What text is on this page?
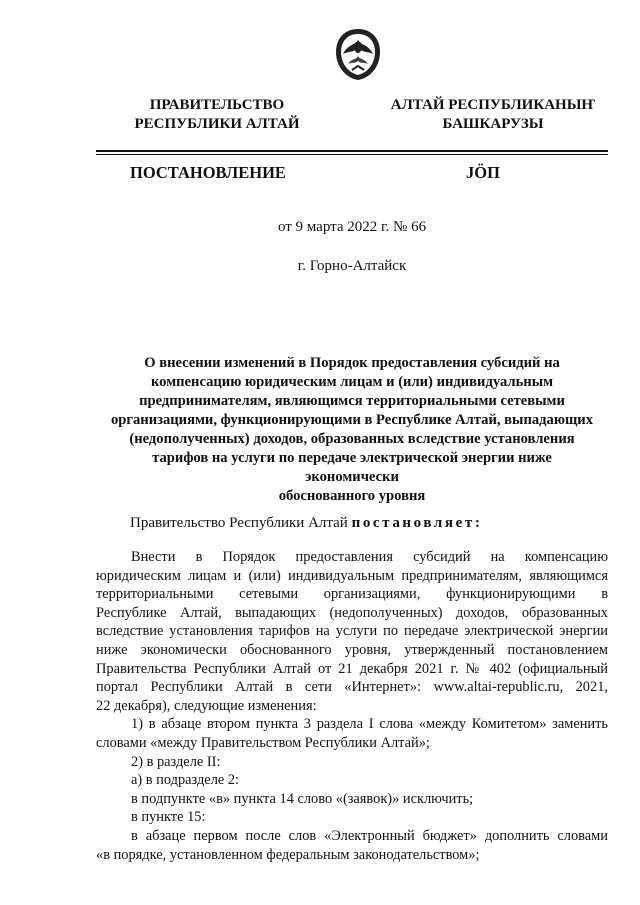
ПРАВИТЕЛЬСТВО
РЕСПУБЛИКИ АЛТАЙ
АЛТАЙ РЕСПУБЛИКАНЫҤ
БАШКАРУЗЫ
ПОСТАНОВЛЕНИЕ	JÖП
от 9 марта 2022 г. № 66
г. Горно-Алтайск
О внесении изменений в Порядок предоставления субсидий на
компенсацию юридическим лицам и (или) индивидуальным
предпринимателям, являющимся территориальными сетевыми
организациями, функционирующими в Республике Алтай, выпадающих
(недополученных) доходов, образованных вследствие установления
тарифов на услуги по передаче электрической энергии ниже экономически
обоснованного уровня
Правительство Республики Алтай постановляет:
Внести в Порядок предоставления субсидий на компенсацию
юридическим лицам и (или) индивидуальным предпринимателям, являющимся
территориальными сетевыми организациями, функционирующими в
Республике Алтай, выпадающих (недополученных) доходов, образованных
вследствие установления тарифов на услуги по передаче электрической энергии
ниже экономически обоснованного уровня, утвержденный постановлением
Правительства Республики Алтай от 21 декабря 2021 г. № 402 (официальный
портал Республики Алтай в сети «Интернет»: www.altai-republic.ru, 2021,
22 декабря), следующие изменения:
1) в абзаце втором пункта 3 раздела I слова «между Комитетом» заменить
словами «между Правительством Республики Алтай»;
2) в разделе II:
а) в подразделе 2:
в подпункте «в» пункта 14 слово «(заявок)» исключить;
в пункте 15:
в абзаце первом после слов «Электронный бюджет» дополнить словами
«в порядке, установленном федеральным законодательством»;
